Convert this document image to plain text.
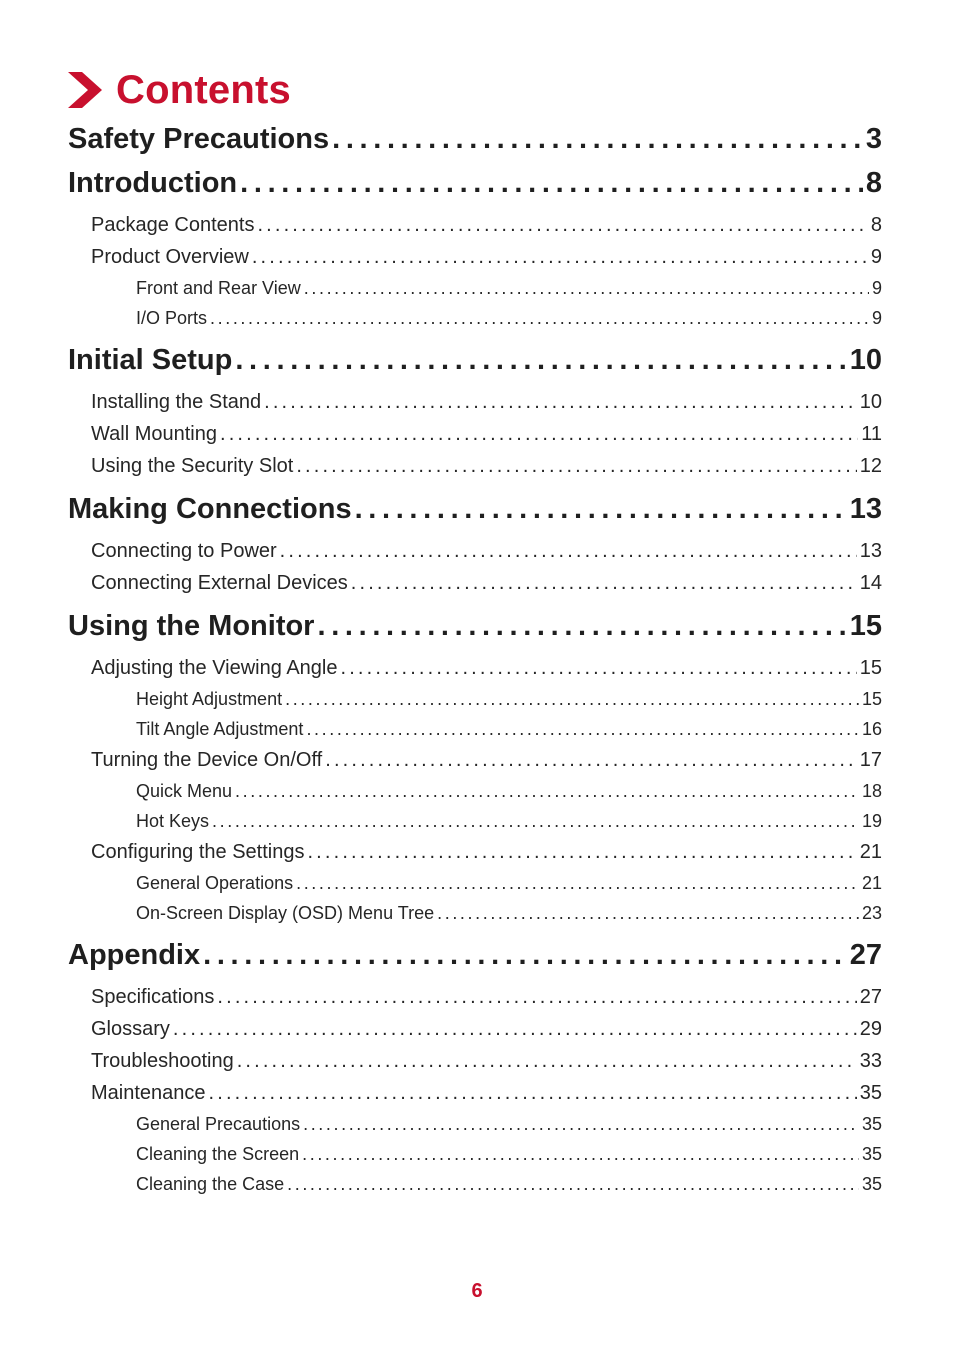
Contents
Safety Precautions . . .	3
Introduction . . .	8
Package Contents . . .	8
Product Overview . . .	9
Front and Rear View . . .	9
I/O Ports . . .	9
Initial Setup . . .	10
Installing the Stand . . .	10
Wall Mounting . . .	11
Using the Security Slot . . .	12
Making Connections . . .	13
Connecting to Power . . .	13
Connecting External Devices . . .	14
Using the Monitor . . .	15
Adjusting the Viewing Angle . . .	15
Height Adjustment . . .	15
Tilt Angle Adjustment . . .	16
Turning the Device On/Off . . .	17
Quick Menu . . .	18
Hot Keys . . .	19
Configuring the Settings . . .	21
General Operations . . .	21
On-Screen Display (OSD) Menu Tree . . .	23
Appendix . . .	27
Specifications . . .	27
Glossary . . .	29
Troubleshooting . . .	33
Maintenance . . .	35
General Precautions . . .	35
Cleaning the Screen . . .	35
Cleaning the Case . . .	35
6
